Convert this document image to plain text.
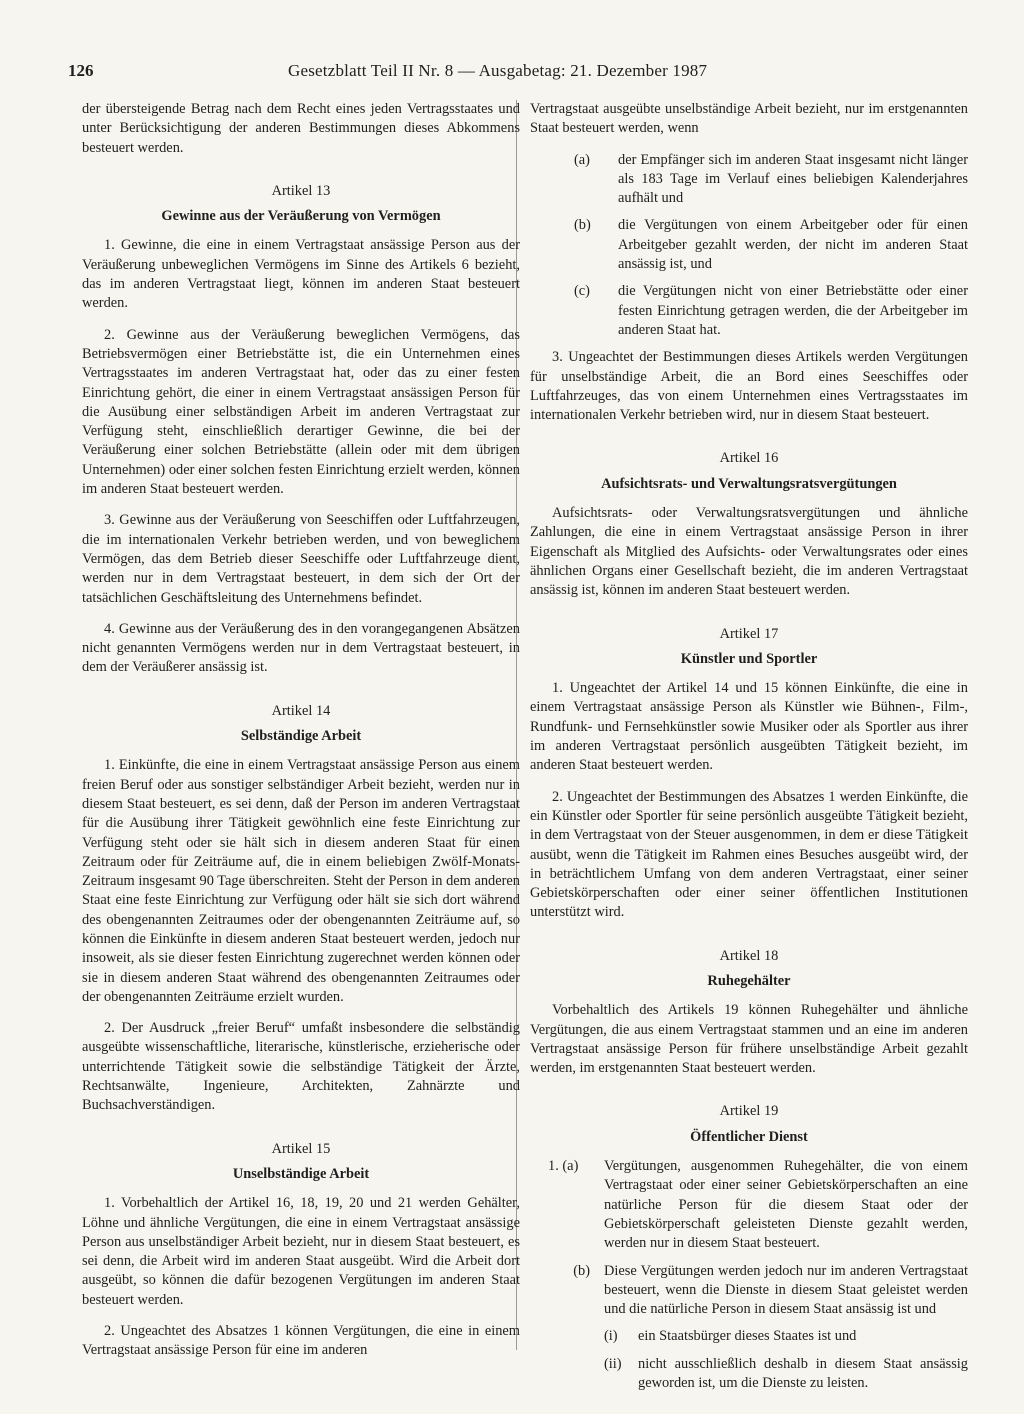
126	Gesetzblatt Teil II Nr. 8 — Ausgabetag: 21. Dezember 1987

der übersteigende Betrag nach dem Recht eines jeden Vertragsstaates und unter Berücksichtigung der anderen Bestimmungen dieses Abkommens besteuert werden.

Artikel 13

Gewinne aus der Veräußerung von Vermögen

1. Gewinne, die eine in einem Vertragstaat ansässige Person aus der Veräußerung unbeweglichen Vermögens im Sinne des Artikels 6 bezieht, das im anderen Vertragstaat liegt, können im anderen Staat besteuert werden.

2. Gewinne aus der Veräußerung beweglichen Vermögens, das Betriebsvermögen einer Betriebstätte ist, die ein Unternehmen eines Vertragsstaates im anderen Vertragstaat hat, oder das zu einer festen Einrichtung gehört, die einer in einem Vertragstaat ansässigen Person für die Ausübung einer selbständigen Arbeit im anderen Vertragstaat zur Verfügung steht, einschließlich derartiger Gewinne, die bei der Veräußerung einer solchen Betriebstätte (allein oder mit dem übrigen Unternehmen) oder einer solchen festen Einrichtung erzielt werden, können im anderen Staat besteuert werden.

3. Gewinne aus der Veräußerung von Seeschiffen oder Luftfahrzeugen, die im internationalen Verkehr betrieben werden, und von beweglichem Vermögen, das dem Betrieb dieser Seeschiffe oder Luftfahrzeuge dient, werden nur in dem Vertragstaat besteuert, in dem sich der Ort der tatsächlichen Geschäftsleitung des Unternehmens befindet.

4. Gewinne aus der Veräußerung des in den vorangegangenen Absätzen nicht genannten Vermögens werden nur in dem Vertragstaat besteuert, in dem der Veräußerer ansässig ist.

Artikel 14

Selbständige Arbeit

1. Einkünfte, die eine in einem Vertragstaat ansässige Person aus einem freien Beruf oder aus sonstiger selbständiger Arbeit bezieht, werden nur in diesem Staat besteuert, es sei denn, daß der Person im anderen Vertragstaat für die Ausübung ihrer Tätigkeit gewöhnlich eine feste Einrichtung zur Verfügung steht oder sie hält sich in diesem anderen Staat für einen Zeitraum oder für Zeiträume auf, die in einem beliebigen Zwölf-Monats-Zeitraum insgesamt 90 Tage überschreiten. Steht der Person in dem anderen Staat eine feste Einrichtung zur Verfügung oder hält sie sich dort während des obengenannten Zeitraumes oder der obengenannten Zeiträume auf, so können die Einkünfte in diesem anderen Staat besteuert werden, jedoch nur insoweit, als sie dieser festen Einrichtung zugerechnet werden können oder sie in diesem anderen Staat während des obengenannten Zeitraumes oder der obengenannten Zeiträume erzielt wurden.

2. Der Ausdruck „freier Beruf“ umfaßt insbesondere die selbständig ausgeübte wissenschaftliche, literarische, künstlerische, erzieherische oder unterrichtende Tätigkeit sowie die selbständige Tätigkeit der Ärzte, Rechtsanwälte, Ingenieure, Architekten, Zahnärzte und Buchsachverständigen.

Artikel 15

Unselbständige Arbeit

1. Vorbehaltlich der Artikel 16, 18, 19, 20 und 21 werden Gehälter, Löhne und ähnliche Vergütungen, die eine in einem Vertragstaat ansässige Person aus unselbständiger Arbeit bezieht, nur in diesem Staat besteuert, es sei denn, die Arbeit wird im anderen Staat ausgeübt. Wird die Arbeit dort ausgeübt, so können die dafür bezogenen Vergütungen im anderen Staat besteuert werden.

2. Ungeachtet des Absatzes 1 können Vergütungen, die eine in einem Vertragstaat ansässige Person für eine im anderen

Vertragstaat ausgeübte unselbständige Arbeit bezieht, nur im erstgenannten Staat besteuert werden, wenn

(a)	der Empfänger sich im anderen Staat insgesamt nicht länger als 183 Tage im Verlauf eines beliebigen Kalenderjahres aufhält und
(b)	die Vergütungen von einem Arbeitgeber oder für einen Arbeitgeber gezahlt werden, der nicht im anderen Staat ansässig ist, und
(c)	die Vergütungen nicht von einer Betriebstätte oder einer festen Einrichtung getragen werden, die der Arbeitgeber im anderen Staat hat.

3. Ungeachtet der Bestimmungen dieses Artikels werden Vergütungen für unselbständige Arbeit, die an Bord eines Seeschiffes oder Luftfahrzeuges, das von einem Unternehmen eines Vertragsstaates im internationalen Verkehr betrieben wird, nur in diesem Staat besteuert.

Artikel 16

Aufsichtsrats- und Verwaltungsratsvergütungen

Aufsichtsrats- oder Verwaltungsratsvergütungen und ähnliche Zahlungen, die eine in einem Vertragstaat ansässige Person in ihrer Eigenschaft als Mitglied des Aufsichts- oder Verwaltungsrates oder eines ähnlichen Organs einer Gesellschaft bezieht, die im anderen Vertragstaat ansässig ist, können im anderen Staat besteuert werden.

Artikel 17

Künstler und Sportler

1. Ungeachtet der Artikel 14 und 15 können Einkünfte, die eine in einem Vertragstaat ansässige Person als Künstler wie Bühnen-, Film-, Rundfunk- und Fernsehkünstler sowie Musiker oder als Sportler aus ihrer im anderen Vertragstaat persönlich ausgeübten Tätigkeit bezieht, im anderen Staat besteuert werden.

2. Ungeachtet der Bestimmungen des Absatzes 1 werden Einkünfte, die ein Künstler oder Sportler für seine persönlich ausgeübte Tätigkeit bezieht, in dem Vertragstaat von der Steuer ausgenommen, in dem er diese Tätigkeit ausübt, wenn die Tätigkeit im Rahmen eines Besuches ausgeübt wird, der in beträchtlichem Umfang von dem anderen Vertragstaat, einer seiner Gebietskörperschaften oder einer seiner öffentlichen Institutionen unterstützt wird.

Artikel 18

Ruhegehälter

Vorbehaltlich des Artikels 19 können Ruhegehälter und ähnliche Vergütungen, die aus einem Vertragstaat stammen und an eine im anderen Vertragstaat ansässige Person für frühere unselbständige Arbeit gezahlt werden, im erstgenannten Staat besteuert werden.

Artikel 19

Öffentlicher Dienst

1. (a)	Vergütungen, ausgenommen Ruhegehälter, die von einem Vertragstaat oder einer seiner Gebietskörperschaften an eine natürliche Person für die diesem Staat oder der Gebietskörperschaft geleisteten Dienste gezahlt werden, werden nur in diesem Staat besteuert.
(b) Diese Vergütungen werden jedoch nur im anderen Vertragstaat besteuert, wenn die Dienste in diesem Staat geleistet werden und die natürliche Person in diesem Staat ansässig ist und
(i)	ein Staatsbürger dieses Staates ist und
(ii)	nicht ausschließlich deshalb in diesem Staat ansässig geworden ist, um die Dienste zu leisten.
